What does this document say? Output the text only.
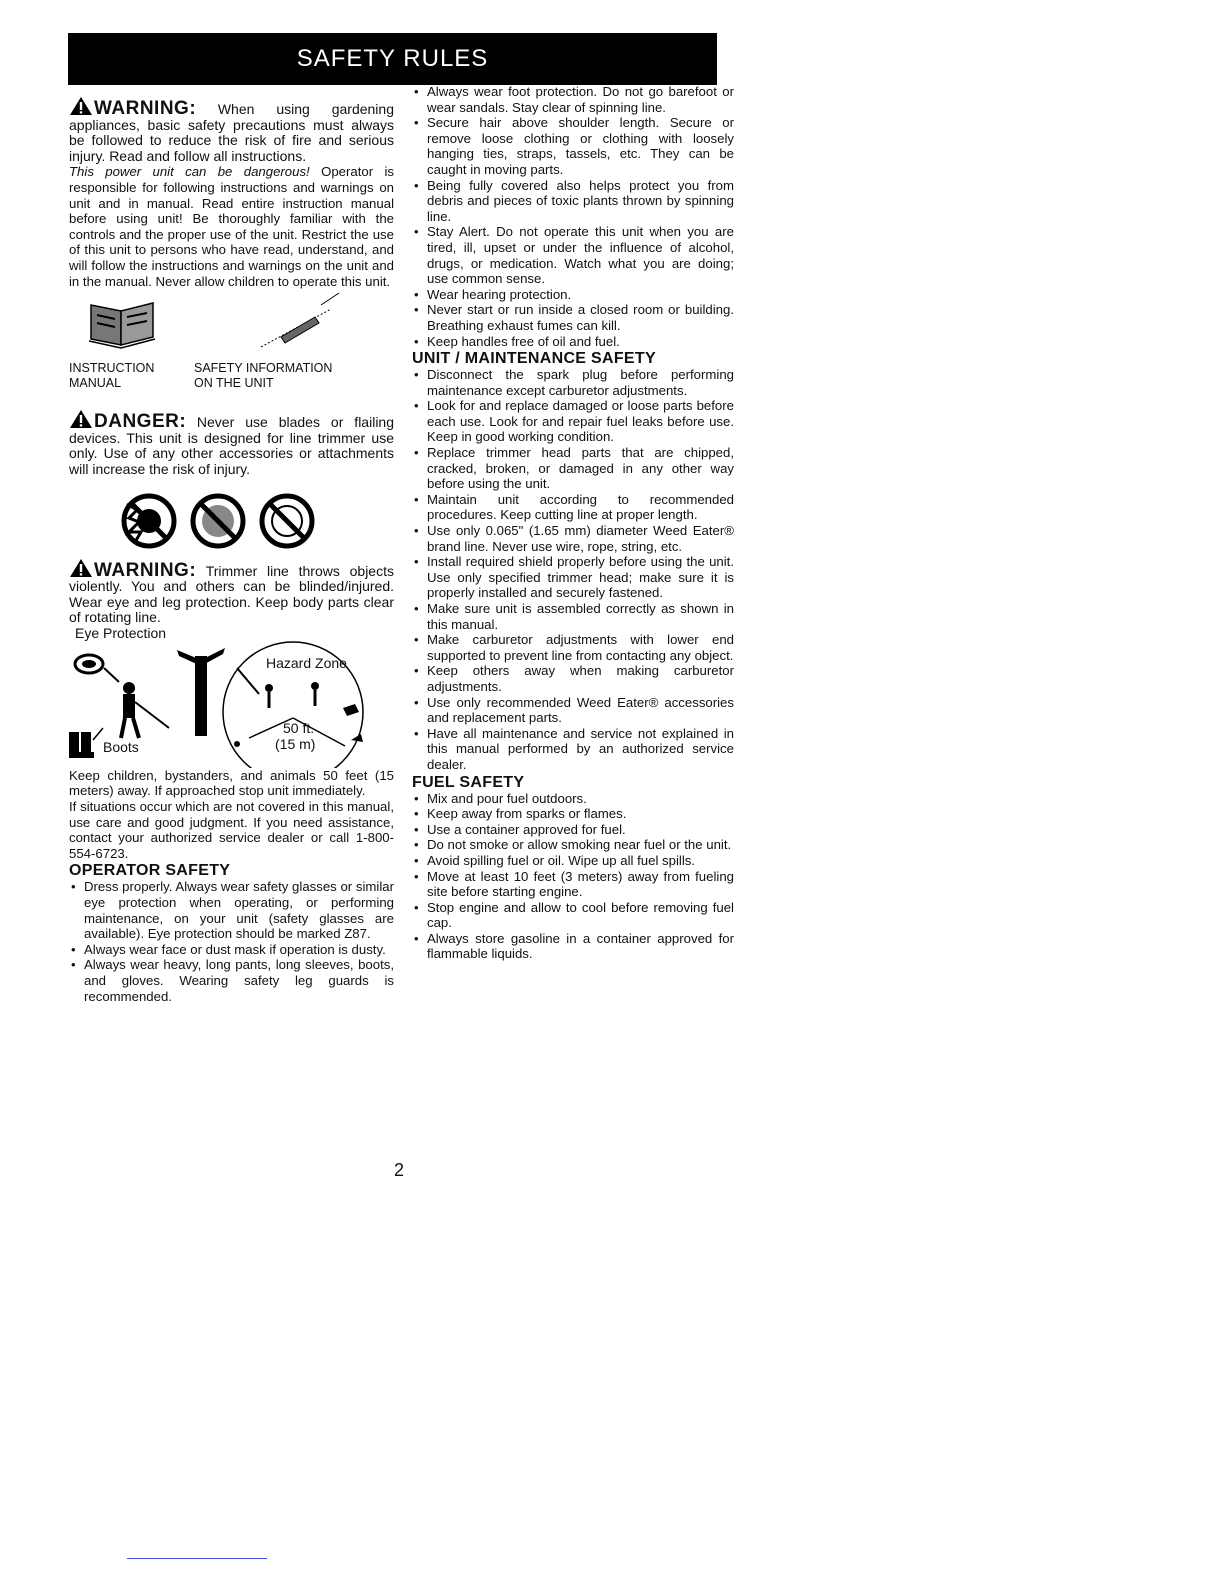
SAFETY RULES

WARNING: When using gardening appliances, basic safety precautions must always be followed to reduce the risk of fire and serious injury. Read and follow all instructions.

This power unit can be dangerous! Operator is responsible for following instructions and warnings on unit and in manual. Read entire instruction manual before using unit! Be thoroughly familiar with the controls and the proper use of the unit. Restrict the use of this unit to persons who have read, understand, and will follow the instructions and warnings on the unit and in the manual. Never allow children to operate this unit.

INSTRUCTION
MANUAL
SAFETY INFORMATION
ON THE UNIT

DANGER: Never use blades or flailing devices. This unit is designed for line trimmer use only. Use of any other accessories or attachments will increase the risk of injury.

WARNING: Trimmer line throws objects violently. You and others can be blinded/injured. Wear eye and leg protection. Keep body parts clear of rotating line.

Eye Protection
Hazard Zone
50 ft.
(15 m)
Boots

Keep children, bystanders, and animals 50 feet (15 meters) away. If approached stop unit immediately.

If situations occur which are not covered in this manual, use care and good judgment. If you need assistance, contact your authorized service dealer or call 1-800-554-6723.

OPERATOR SAFETY
• Dress properly. Always wear safety glasses or similar eye protection when operating, or performing maintenance, on your unit (safety glasses are available). Eye protection should be marked Z87.
• Always wear face or dust mask if operation is dusty.
• Always wear heavy, long pants, long sleeves, boots, and gloves. Wearing safety leg guards is recommended.
• Always wear foot protection. Do not go barefoot or wear sandals. Stay clear of spinning line.
• Secure hair above shoulder length. Secure or remove loose clothing or clothing with loosely hanging ties, straps, tassels, etc. They can be caught in moving parts.
• Being fully covered also helps protect you from debris and pieces of toxic plants thrown by spinning line.
• Stay Alert. Do not operate this unit when you are tired, ill, upset or under the influence of alcohol, drugs, or medication. Watch what you are doing; use common sense.
• Wear hearing protection.
• Never start or run inside a closed room or building. Breathing exhaust fumes can kill.
• Keep handles free of oil and fuel.
UNIT / MAINTENANCE SAFETY
• Disconnect the spark plug before performing maintenance except carburetor adjustments.
• Look for and replace damaged or loose parts before each use. Look for and repair fuel leaks before use. Keep in good working condition.
• Replace trimmer head parts that are chipped, cracked, broken, or damaged in any other way before using the unit.
• Maintain unit according to recommended procedures. Keep cutting line at proper length.
• Use only 0.065" (1.65 mm) diameter Weed Eater® brand line. Never use wire, rope, string, etc.
• Install required shield properly before using the unit. Use only specified trimmer head; make sure it is properly installed and securely fastened.
• Make sure unit is assembled correctly as shown in this manual.
• Make carburetor adjustments with lower end supported to prevent line from contacting any object.
• Keep others away when making carburetor adjustments.
• Use only recommended Weed Eater® accessories and replacement parts.
• Have all maintenance and service not explained in this manual performed by an authorized service dealer.
FUEL SAFETY
• Mix and pour fuel outdoors.
• Keep away from sparks or flames.
• Use a container approved for fuel.
• Do not smoke or allow smoking near fuel or the unit.
• Avoid spilling fuel or oil. Wipe up all fuel spills.
• Move at least 10 feet (3 meters) away from fueling site before starting engine.
• Stop engine and allow to cool before removing fuel cap.
• Always store gasoline in a container approved for flammable liquids.
2
